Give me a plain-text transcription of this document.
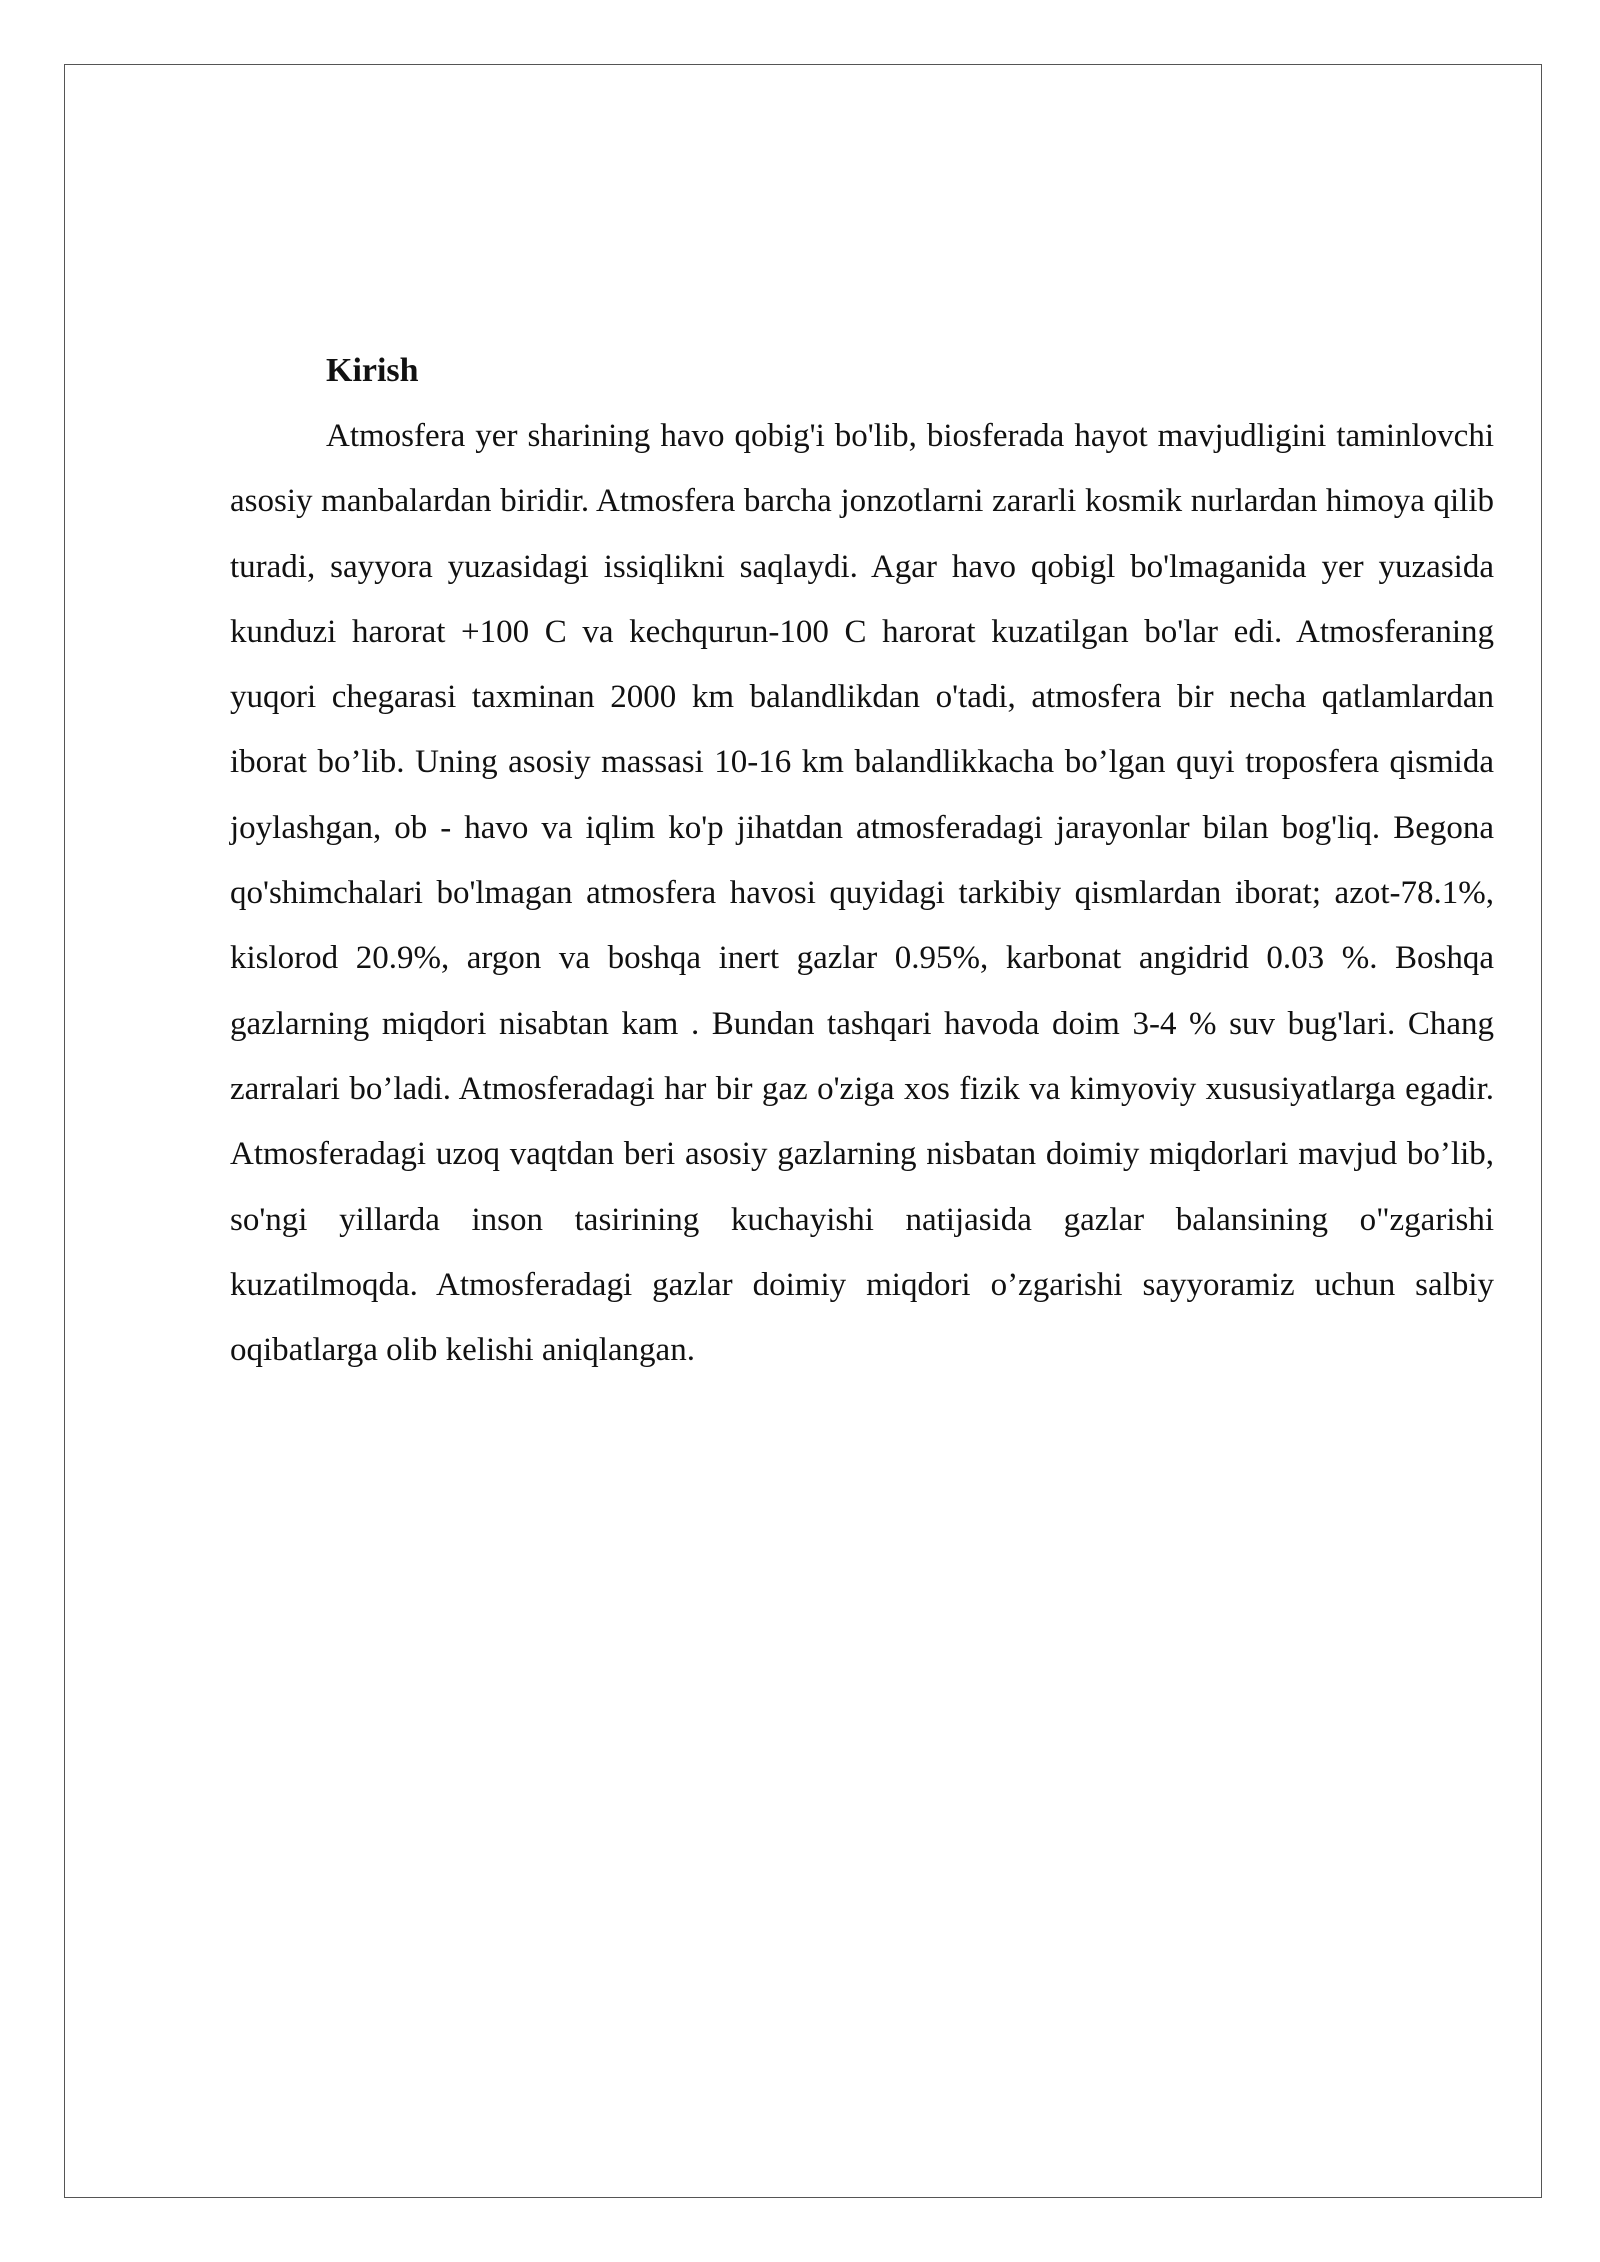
Kirish

Atmosfera yer sharining havo qobig'i bo'lib, biosferada hayot mavjudligini taminlovchi asosiy manbalardan biridir. Atmosfera barcha jonzotlarni zararli kosmik nurlardan himoya qilib turadi, sayyora yuzasidagi issiqlikni saqlaydi. Agar havo qobigl bo'lmaganida yer yuzasida kunduzi harorat +100 C va kechqurun-100 C harorat kuzatilgan bo'lar edi. Atmosferaning yuqori chegarasi taxminan 2000 km balandlikdan o'tadi, atmosfera bir necha qatlamlardan iborat bo’lib. Uning asosiy massasi 10-16 km balandlikkacha bo’lgan quyi troposfera qismida joylashgan, ob - havo va iqlim ko'p jihatdan atmosferadagi jarayonlar bilan bog'liq. Begona qo'shimchalari bo'lmagan atmosfera havosi quyidagi tarkibiy qismlardan iborat; azot-78.1%, kislorod 20.9%, argon va boshqa inert gazlar 0.95%, karbonat angidrid 0.03 %. Boshqa gazlarning miqdori nisabtan kam . Bundan tashqari havoda doim 3-4 % suv bug'lari. Chang zarralari bo’ladi. Atmosferadagi har bir gaz o'ziga xos fizik va kimyoviy xususiyatlarga egadir. Atmosferadagi uzoq vaqtdan beri asosiy gazlarning nisbatan doimiy miqdorlari mavjud bo’lib, so'ngi yillarda inson tasirining kuchayishi natijasida gazlar balansining o"zgarishi kuzatilmoqda. Atmosferadagi gazlar doimiy miqdori o’zgarishi sayyoramiz uchun salbiy oqibatlarga olib kelishi aniqlangan.
